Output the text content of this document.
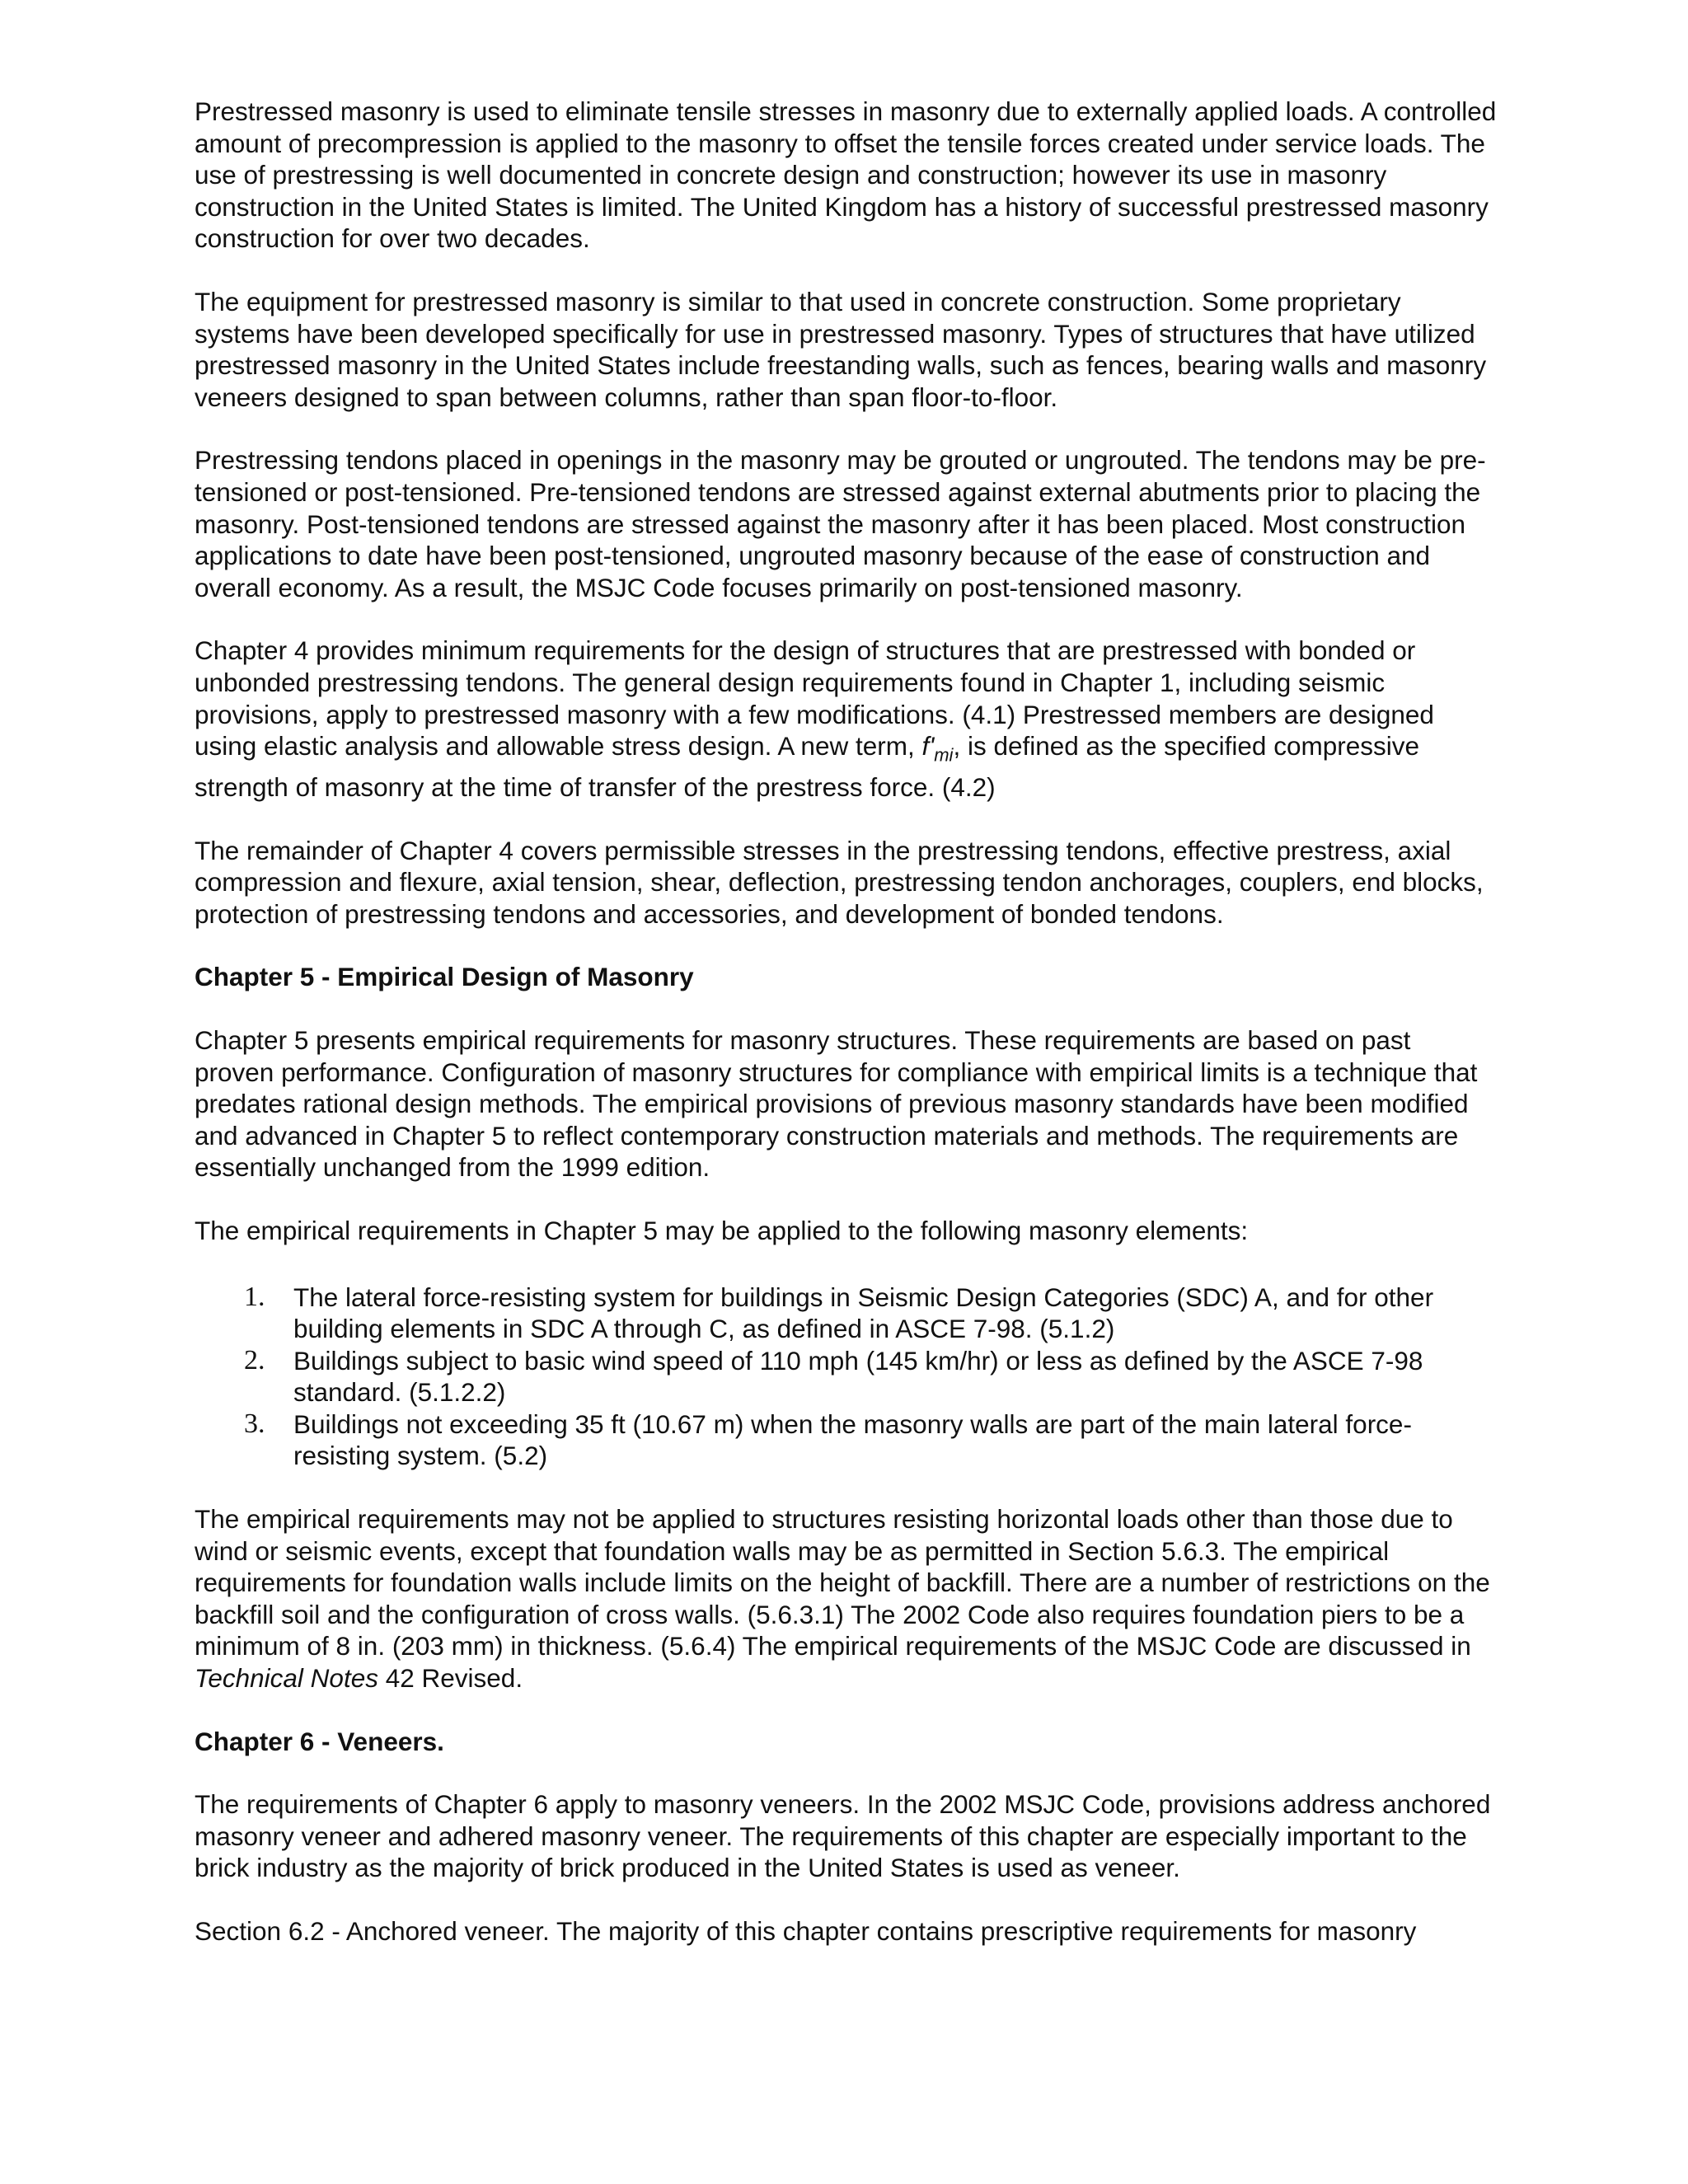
Prestressed masonry is used to eliminate tensile stresses in masonry due to externally applied loads. A controlled amount of precompression is applied to the masonry to offset the tensile forces created under service loads. The use of prestressing is well documented in concrete design and construction; however its use in masonry construction in the United States is limited. The United Kingdom has a history of successful prestressed masonry construction for over two decades.

The equipment for prestressed masonry is similar to that used in concrete construction. Some proprietary systems have been developed specifically for use in prestressed masonry. Types of structures that have utilized prestressed masonry in the United States include freestanding walls, such as fences, bearing walls and masonry veneers designed to span between columns, rather than span floor-to-floor.

Prestressing tendons placed in openings in the masonry may be grouted or ungrouted. The tendons may be pre-tensioned or post-tensioned. Pre-tensioned tendons are stressed against external abutments prior to placing the masonry. Post-tensioned tendons are stressed against the masonry after it has been placed. Most construction applications to date have been post-tensioned, ungrouted masonry because of the ease of construction and overall economy. As a result, the MSJC Code focuses primarily on post-tensioned masonry.

Chapter 4 provides minimum requirements for the design of structures that are prestressed with bonded or unbonded prestressing tendons. The general design requirements found in Chapter 1, including seismic provisions, apply to prestressed masonry with a few modifications. (4.1) Prestressed members are designed using elastic analysis and allowable stress design. A new term, $f'_{mi}$, is defined as the specified compressive strength of masonry at the time of transfer of the prestress force. (4.2)

The remainder of Chapter 4 covers permissible stresses in the prestressing tendons, effective prestress, axial compression and flexure, axial tension, shear, deflection, prestressing tendon anchorages, couplers, end blocks, protection of prestressing tendons and accessories, and development of bonded tendons.

Chapter 5 - Empirical Design of Masonry

Chapter 5 presents empirical requirements for masonry structures. These requirements are based on past proven performance. Configuration of masonry structures for compliance with empirical limits is a technique that predates rational design methods. The empirical provisions of previous masonry standards have been modified and advanced in Chapter 5 to reflect contemporary construction materials and methods. The requirements are essentially unchanged from the 1999 edition.

The empirical requirements in Chapter 5 may be applied to the following masonry elements:

1.	The lateral force-resisting system for buildings in Seismic Design Categories (SDC) A, and for other building elements in SDC A through C, as defined in ASCE 7-98. (5.1.2)
2.	Buildings subject to basic wind speed of 110 mph (145 km/hr) or less as defined by the ASCE 7-98 standard. (5.1.2.2)
3.	Buildings not exceeding 35 ft (10.67 m) when the masonry walls are part of the main lateral force-resisting system. (5.2)

The empirical requirements may not be applied to structures resisting horizontal loads other than those due to wind or seismic events, except that foundation walls may be as permitted in Section 5.6.3. The empirical requirements for foundation walls include limits on the height of backfill. There are a number of restrictions on the backfill soil and the configuration of cross walls. (5.6.3.1) The 2002 Code also requires foundation piers to be a minimum of 8 in. (203 mm) in thickness. (5.6.4) The empirical requirements of the MSJC Code are discussed in Technical Notes 42 Revised.

Chapter 6 - Veneers.

The requirements of Chapter 6 apply to masonry veneers. In the 2002 MSJC Code, provisions address anchored masonry veneer and adhered masonry veneer. The requirements of this chapter are especially important to the brick industry as the majority of brick produced in the United States is used as veneer.

Section 6.2 - Anchored veneer. The majority of this chapter contains prescriptive requirements for masonry
